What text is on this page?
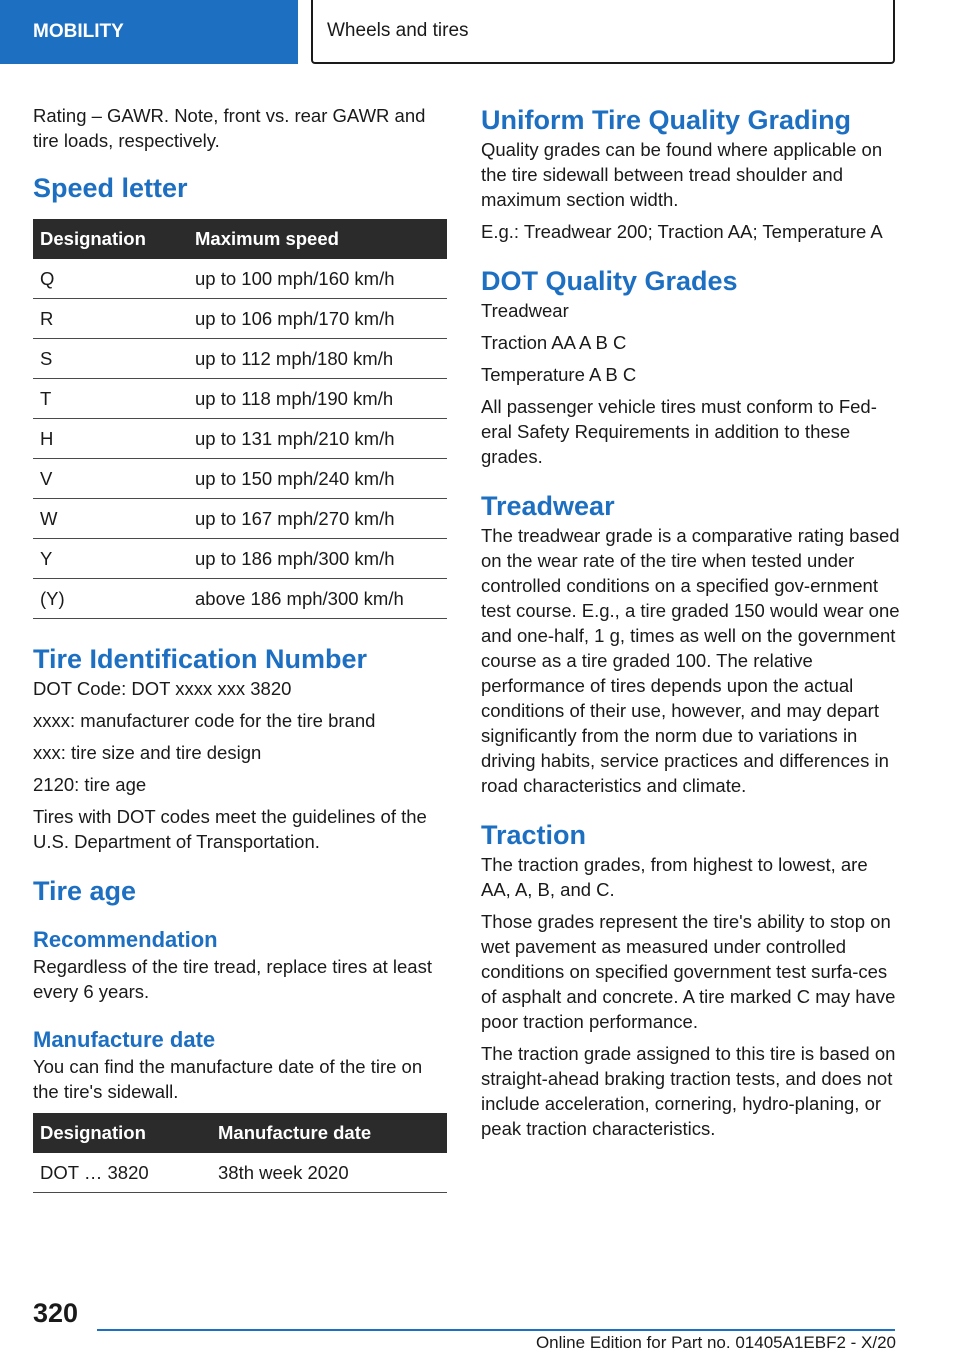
MOBILITY	Wheels and tires

Rating – GAWR. Note, front vs. rear GAWR and tire loads, respectively.

Speed letter
Designation	Maximum speed
Q	up to 100 mph/160 km/h
R	up to 106 mph/170 km/h
S	up to 112 mph/180 km/h
T	up to 118 mph/190 km/h
H	up to 131 mph/210 km/h
V	up to 150 mph/240 km/h
W	up to 167 mph/270 km/h
Y	up to 186 mph/300 km/h
(Y)	above 186 mph/300 km/h
Tire Identification Number

DOT Code: DOT xxxx xxx 3820

xxxx: manufacturer code for the tire brand

xxx: tire size and tire design

2120: tire age

Tires with DOT codes meet the guidelines of the U.S. Department of Transportation.

Tire age
Recommendation

Regardless of the tire tread, replace tires at least every 6 years.

Manufacture date

You can find the manufacture date of the tire on the tire's sidewall.

Designation	Manufacture date
DOT … 3820	38th week 2020
Uniform Tire Quality Grading

Quality grades can be found where applicable on the tire sidewall between tread shoulder and maximum section width.

E.g.: Treadwear 200; Traction AA; Temperature A

DOT Quality Grades

Treadwear

Traction AA A B C

Temperature A B C

All passenger vehicle tires must conform to Fed‐eral Safety Requirements in addition to these grades.

Treadwear

The treadwear grade is a comparative rating based on the wear rate of the tire when tested under controlled conditions on a specified gov‐ernment test course. E.g., a tire graded 150 would wear one and one-half, 1 g, times as well on the government course as a tire graded 100. The relative performance of tires depends upon the actual conditions of their use, however, and may depart significantly from the norm due to variations in driving habits, service practices and differences in road characteristics and climate.

Traction

The traction grades, from highest to lowest, are AA, A, B, and C.

Those grades represent the tire's ability to stop on wet pavement as measured under controlled conditions on specified government test surfa‐ces of asphalt and concrete. A tire marked C may have poor traction performance.

The traction grade assigned to this tire is based on straight-ahead braking traction tests, and does not include acceleration, cornering, hydro‐planing, or peak traction characteristics.

320
Online Edition for Part no. 01405A1EBF2 - X/20
